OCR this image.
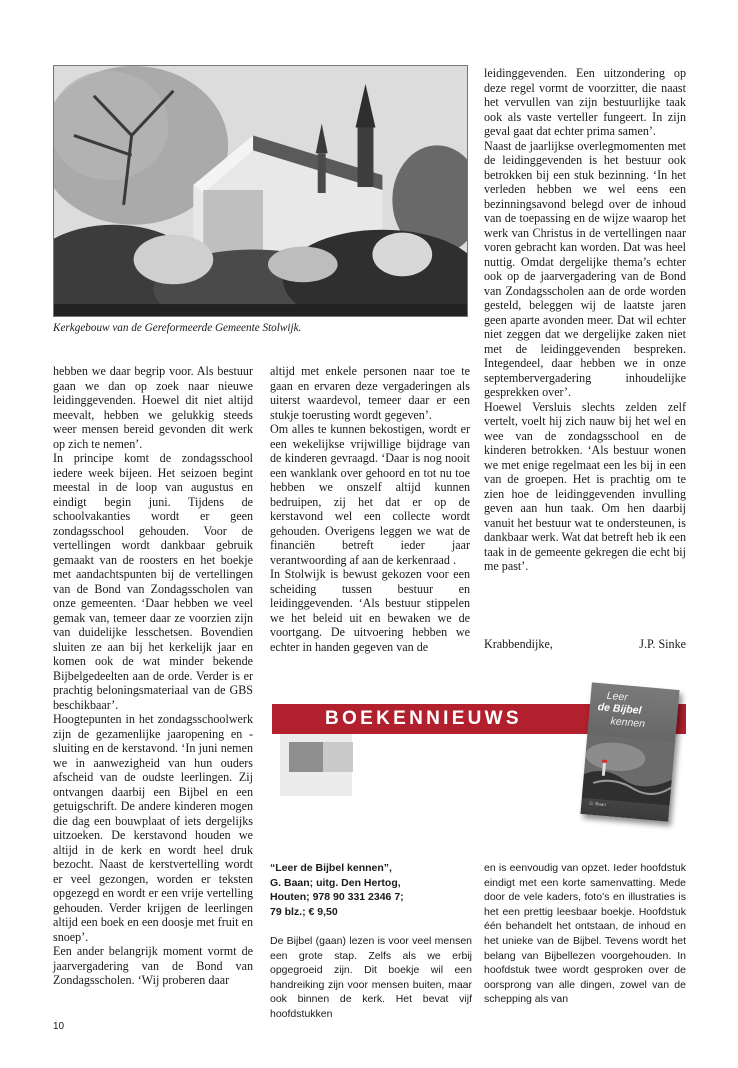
Kerkgebouw van de Gereformeerde Gemeente Stolwijk.

hebben we daar begrip voor. Als bestuur gaan we dan op zoek naar nieuwe leidinggevenden. Hoewel dit niet altijd meevalt, hebben we gelukkig steeds weer mensen bereid gevonden dit werk op zich te nemen’.

In principe komt de zondagsschool iedere week bijeen. Het seizoen begint meestal in de loop van augustus en eindigt begin juni. Tijdens de schoolvakanties wordt er geen zondagsschool gehouden. Voor de vertellingen wordt dankbaar gebruik gemaakt van de roosters en het boekje met aandachtspunten bij de vertellingen van de Bond van Zondagsscholen van onze gemeenten. ‘Daar hebben we veel gemak van, temeer daar ze voorzien zijn van duidelijke lesschetsen. Bovendien sluiten ze aan bij het kerkelijk jaar en komen ook de wat minder bekende Bijbelgedeelten aan de orde. Verder is er prachtig beloningsmateriaal van de GBS beschikbaar’.

Hoogtepunten in het zondagsschoolwerk zijn de gezamenlijke jaaropening en -sluiting en de kerstavond. ‘In juni nemen we in aanwezigheid van hun ouders afscheid van de oudste leerlingen. Zij ontvangen daarbij een Bijbel en een getuigschrift. De andere kinderen mogen die dag een bouwplaat of iets dergelijks uitzoeken. De kerstavond houden we altijd in de kerk en wordt heel druk bezocht. Naast de kerstvertelling wordt er veel gezongen, worden er teksten opgezegd en wordt er een vrije vertelling gehouden. Verder krijgen de leerlingen altijd een boek en een doosje met fruit en snoep’.

Een ander belangrijk moment vormt de jaarvergadering van de Bond van Zondagsscholen. ‘Wij proberen daar

altijd met enkele personen naar toe te gaan en ervaren deze vergaderingen als uiterst waardevol, temeer daar er een stukje toerusting wordt gegeven’.

Om alles te kunnen bekostigen, wordt er een wekelijkse vrijwillige bijdrage van de kinderen gevraagd. ‘Daar is nog nooit een wanklank over gehoord en tot nu toe hebben we onszelf altijd kunnen bedruipen, zij het dat er op de kerstavond wel een collecte wordt gehouden. Overigens leggen we wat de financiën betreft ieder jaar verantwoording af aan de kerkenraad .

In Stolwijk is bewust gekozen voor een scheiding tussen bestuur en leidinggevenden. ‘Als bestuur stippelen we het beleid uit en bewaken we de voortgang. De uitvoering hebben we echter in handen gegeven van de

leidinggevenden. Een uitzondering op deze regel vormt de voorzitter, die naast het vervullen van zijn bestuurlijke taak ook als vaste verteller fungeert. In zijn geval gaat dat echter prima samen’.

Naast de jaarlijkse overlegmomenten met de leidinggevenden is het bestuur ook betrokken bij een stuk bezinning. ‘In het verleden hebben we wel eens een bezinningsavond belegd over de inhoud van de toepassing en de wijze waarop het werk van Christus in de vertellingen naar voren gebracht kan worden. Dat was heel nuttig. Omdat dergelijke thema’s echter ook op de jaarvergadering van de Bond van Zondagsscholen aan de orde worden gesteld, beleggen wij de laatste jaren geen aparte avonden meer. Dat wil echter niet zeggen dat we dergelijke zaken niet met de leidinggevenden bespreken. Integendeel, daar hebben we in onze septembervergadering inhoudelijke gesprekken over’.

Hoewel Versluis slechts zelden zelf vertelt, voelt hij zich nauw bij het wel en wee van de zondagsschool en de kinderen betrokken. ‘Als bestuur wonen we met enige regelmaat een les bij in een van de groepen. Het is prachtig om te zien hoe de leidinggevenden invulling geven aan hun taak. Om hen daarbij vanuit het bestuur wat te ondersteunen, is dankbaar werk. Wat dat betreft heb ik een taak in de gemeente gekregen die echt bij me past’.

Krabbendijke,	J.P. Sinke
BOEKENNIEUWS
Leer
de Bijbel
kennen
G. Baan
“Leer de Bijbel kennen”,
G. Baan; uitg. Den Hertog,
Houten; 978 90 331 2346 7;
79 blz.; € 9,50
De Bijbel (gaan) lezen is voor veel mensen een grote stap. Zelfs als we erbij opgegroeid zijn. Dit boekje wil een handreiking zijn voor mensen buiten, maar ook binnen de kerk. Het bevat vijf hoofdstukken
en is eenvoudig van opzet. Ieder hoofdstuk eindigt met een korte samenvatting. Mede door de vele kaders, foto’s en illustraties is het een prettig leesbaar boekje. Hoofdstuk één behandelt het ontstaan, de inhoud en het unieke van de Bijbel. Tevens wordt het belang van Bijbellezen voorgehouden. In hoofdstuk twee wordt gesproken over de oorsprong van alle dingen, zowel van de schepping als van
10
